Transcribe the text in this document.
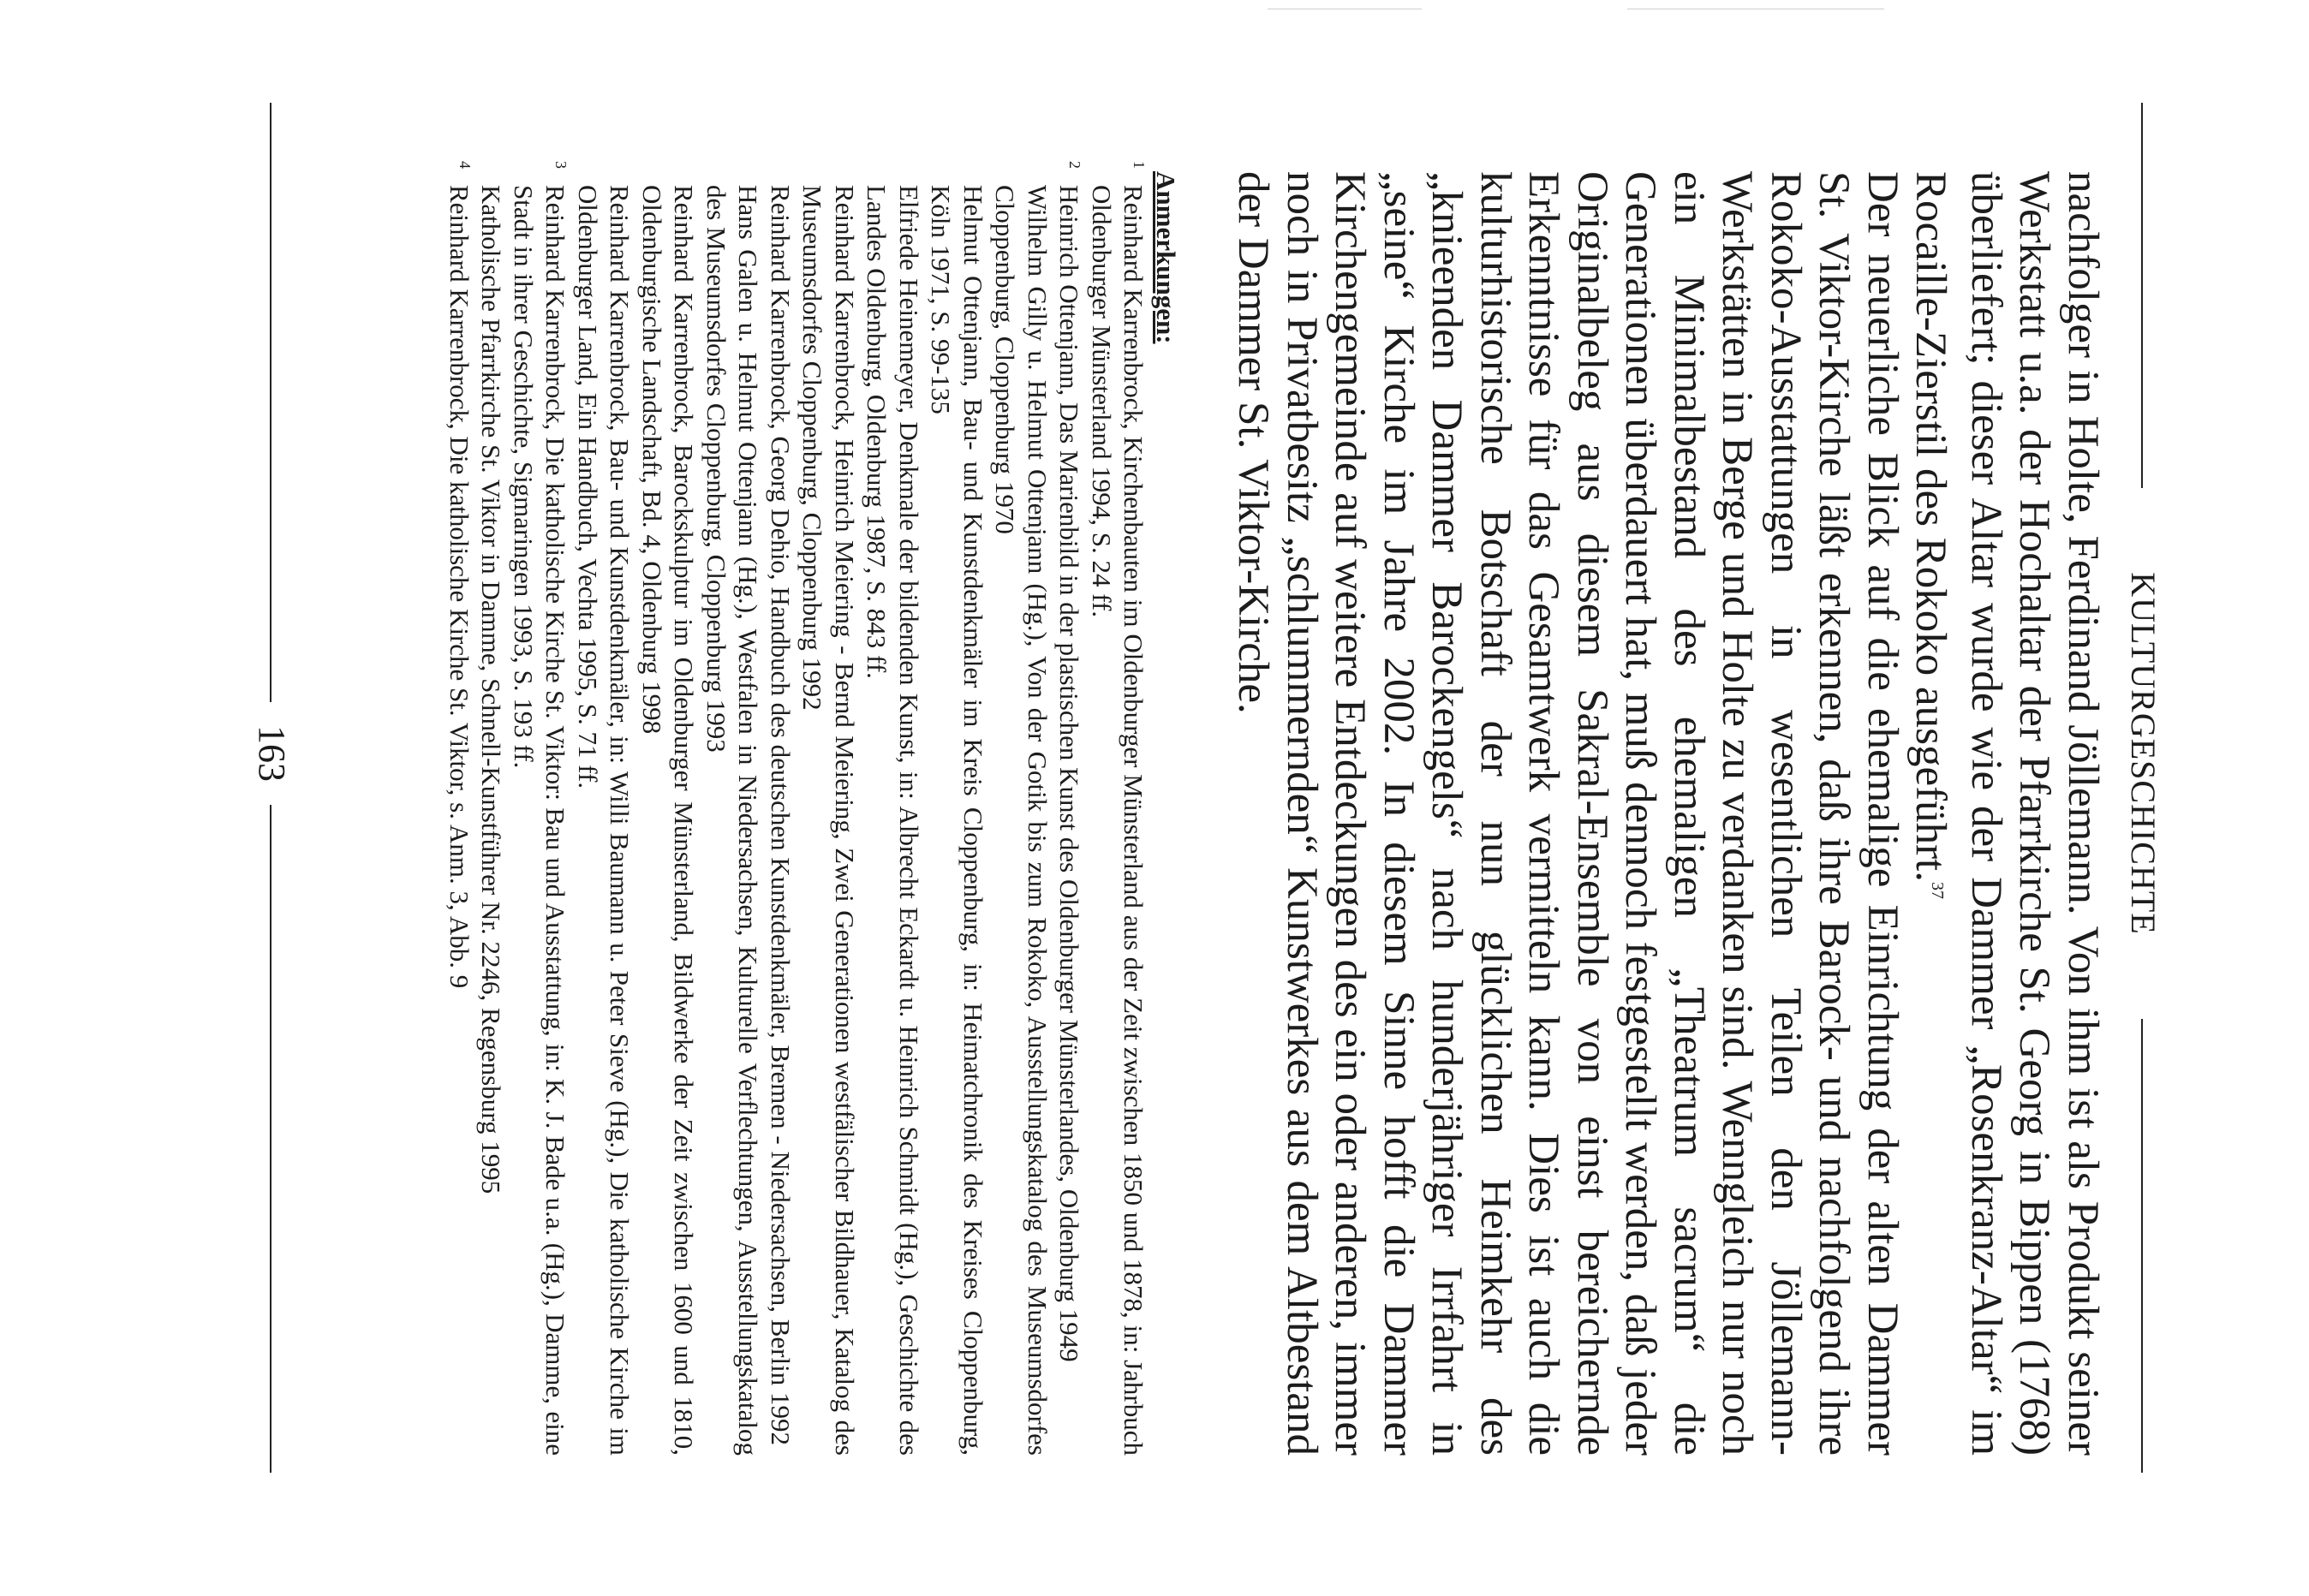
KULTURGESCHICHTE
nachfolger in Holte, Ferdinand Jöllemann. Von ihm ist als Produkt seiner Werkstatt u.a. der Hochaltar der Pfarrkirche St. Georg in Bippen (1768) überliefert; dieser Altar wurde wie der Dammer „Rosenkranz-Altar“ im Rocaille-Zierstil des Rokoko ausgeführt.$^{37}$
Der neuerliche Blick auf die ehemalige Einrichtung der alten Dammer St. Viktor-Kirche läßt erkennen, daß ihre Barock- und nachfolgend ihre Rokoko-Ausstattungen in wesentlichen Teilen den Jöllemann-Werkstätten in Berge und Holte zu verdanken sind. Wenngleich nur noch ein Minimalbestand des ehemaligen „Theatrum sacrum“ die Generationen überdauert hat, muß dennoch festgestellt werden, daß jeder Originalbeleg aus diesem Sakral-Ensemble von einst bereichernde Erkenntnisse für das Gesamtwerk vermitteln kann. Dies ist auch die kulturhistorische Botschaft der nun glücklichen Heimkehr des „knieenden Dammer Barockengels“ nach hunderjähriger Irrfahrt in „seine“ Kirche im Jahre 2002. In diesem Sinne hofft die Dammer Kirchengemeinde auf weitere Entdeckungen des ein oder anderen, immer noch in Privatbesitz „schlummernden“ Kunstwerkes aus dem Altbestand der Dammer St. Viktor-Kirche.
Anmerkungen:
1
Reinhard Karrenbrock, Kirchenbauten im Oldenburger Münsterland aus der Zeit zwischen 1850 und 1878, in: Jahrbuch Oldenburger Münsterland 1994, S. 24 ff.
2
Heinrich Ottenjann, Das Marienbild in der plastischen Kunst des Oldenburger Münsterlandes, Oldenburg 1949
Wilhelm Gilly u. Helmut Ottenjann (Hg.), Von der Gotik bis zum Rokoko, Ausstellungskatalog des Museumsdorfes Cloppenburg, Cloppenburg 1970
Helmut Ottenjann, Bau- und Kunstdenkmäler im Kreis Cloppenburg, in: Heimatchronik des Kreises Cloppenburg, Köln 1971, S. 99-135
Elfriede Heinemeyer, Denkmale der bildenden Kunst, in: Albrecht Eckardt u. Heinrich Schmidt (Hg.), Geschichte des Landes Oldenburg, Oldenburg 1987, S. 843 ff.
Reinhard Karrenbrock, Heinrich Meiering - Bernd Meiering, Zwei Generationen westfälischer Bildhauer, Katalog des Museumsdorfes Cloppenburg, Cloppenburg 1992
Reinhard Karrenbrock, Georg Dehio, Handbuch des deutschen Kunstdenkmäler, Bremen - Niedersachsen, Berlin 1992
Hans Galen u. Helmut Ottenjann (Hg.), Westfalen in Niedersachsen, Kulturelle Verflechtungen, Ausstellungskatalog des Museumsdorfes Cloppenburg, Cloppenburg 1993
Reinhard Karrenbrock, Barockskulptur im Oldenburger Münsterland, Bildwerke der Zeit zwischen 1600 und 1810, Oldenburgische Landschaft, Bd. 4, Oldenburg 1998
Reinhard Karrenbrock, Bau- und Kunstdenkmäler, in: Willi Baumann u. Peter Sieve (Hg.), Die katholische Kirche im Oldenburger Land, Ein Handbuch, Vechta 1995, S. 71 ff.
3
Reinhard Karrenbrock, Die katholische Kirche St. Viktor: Bau und Ausstattung, in: K. J. Bade u.a. (Hg.), Damme, eine Stadt in ihrer Geschichte, Sigmaringen 1993, S. 193 ff.
Katholische Pfarrkirche St. Viktor in Damme, Schnell-Kunstführer Nr. 2246, Regensburg 1995
4
Reinhard Karrenbrock, Die katholische Kirche St. Viktor, s. Anm. 3, Abb. 9
163
